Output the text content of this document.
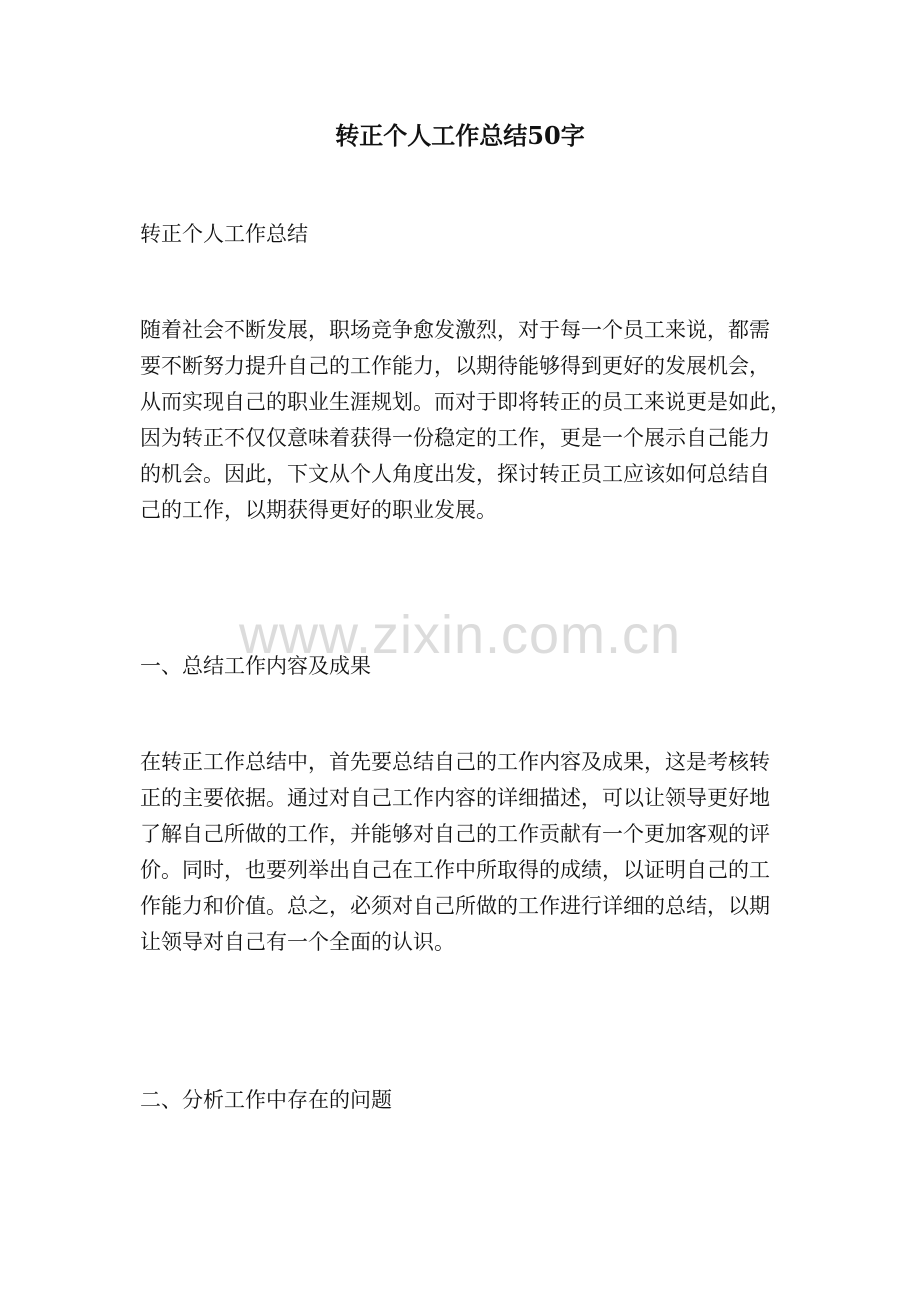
转正个人工作总结50字

转正个人工作总结

随着社会不断发展，职场竞争愈发激烈，对于每一个员工来说，都需
要不断努力提升自己的工作能力，以期待能够得到更好的发展机会，
从而实现自己的职业生涯规划。而对于即将转正的员工来说更是如此，
因为转正不仅仅意味着获得一份稳定的工作，更是一个展示自己能力
的机会。因此，下文从个人角度出发，探讨转正员工应该如何总结自
己的工作，以期获得更好的职业发展。
www.zixin.com.cn

一、总结工作内容及成果

在转正工作总结中，首先要总结自己的工作内容及成果，这是考核转
正的主要依据。通过对自己工作内容的详细描述，可以让领导更好地
了解自己所做的工作，并能够对自己的工作贡献有一个更加客观的评
价。同时，也要列举出自己在工作中所取得的成绩，以证明自己的工
作能力和价值。总之，必须对自己所做的工作进行详细的总结，以期
让领导对自己有一个全面的认识。

二、分析工作中存在的问题
